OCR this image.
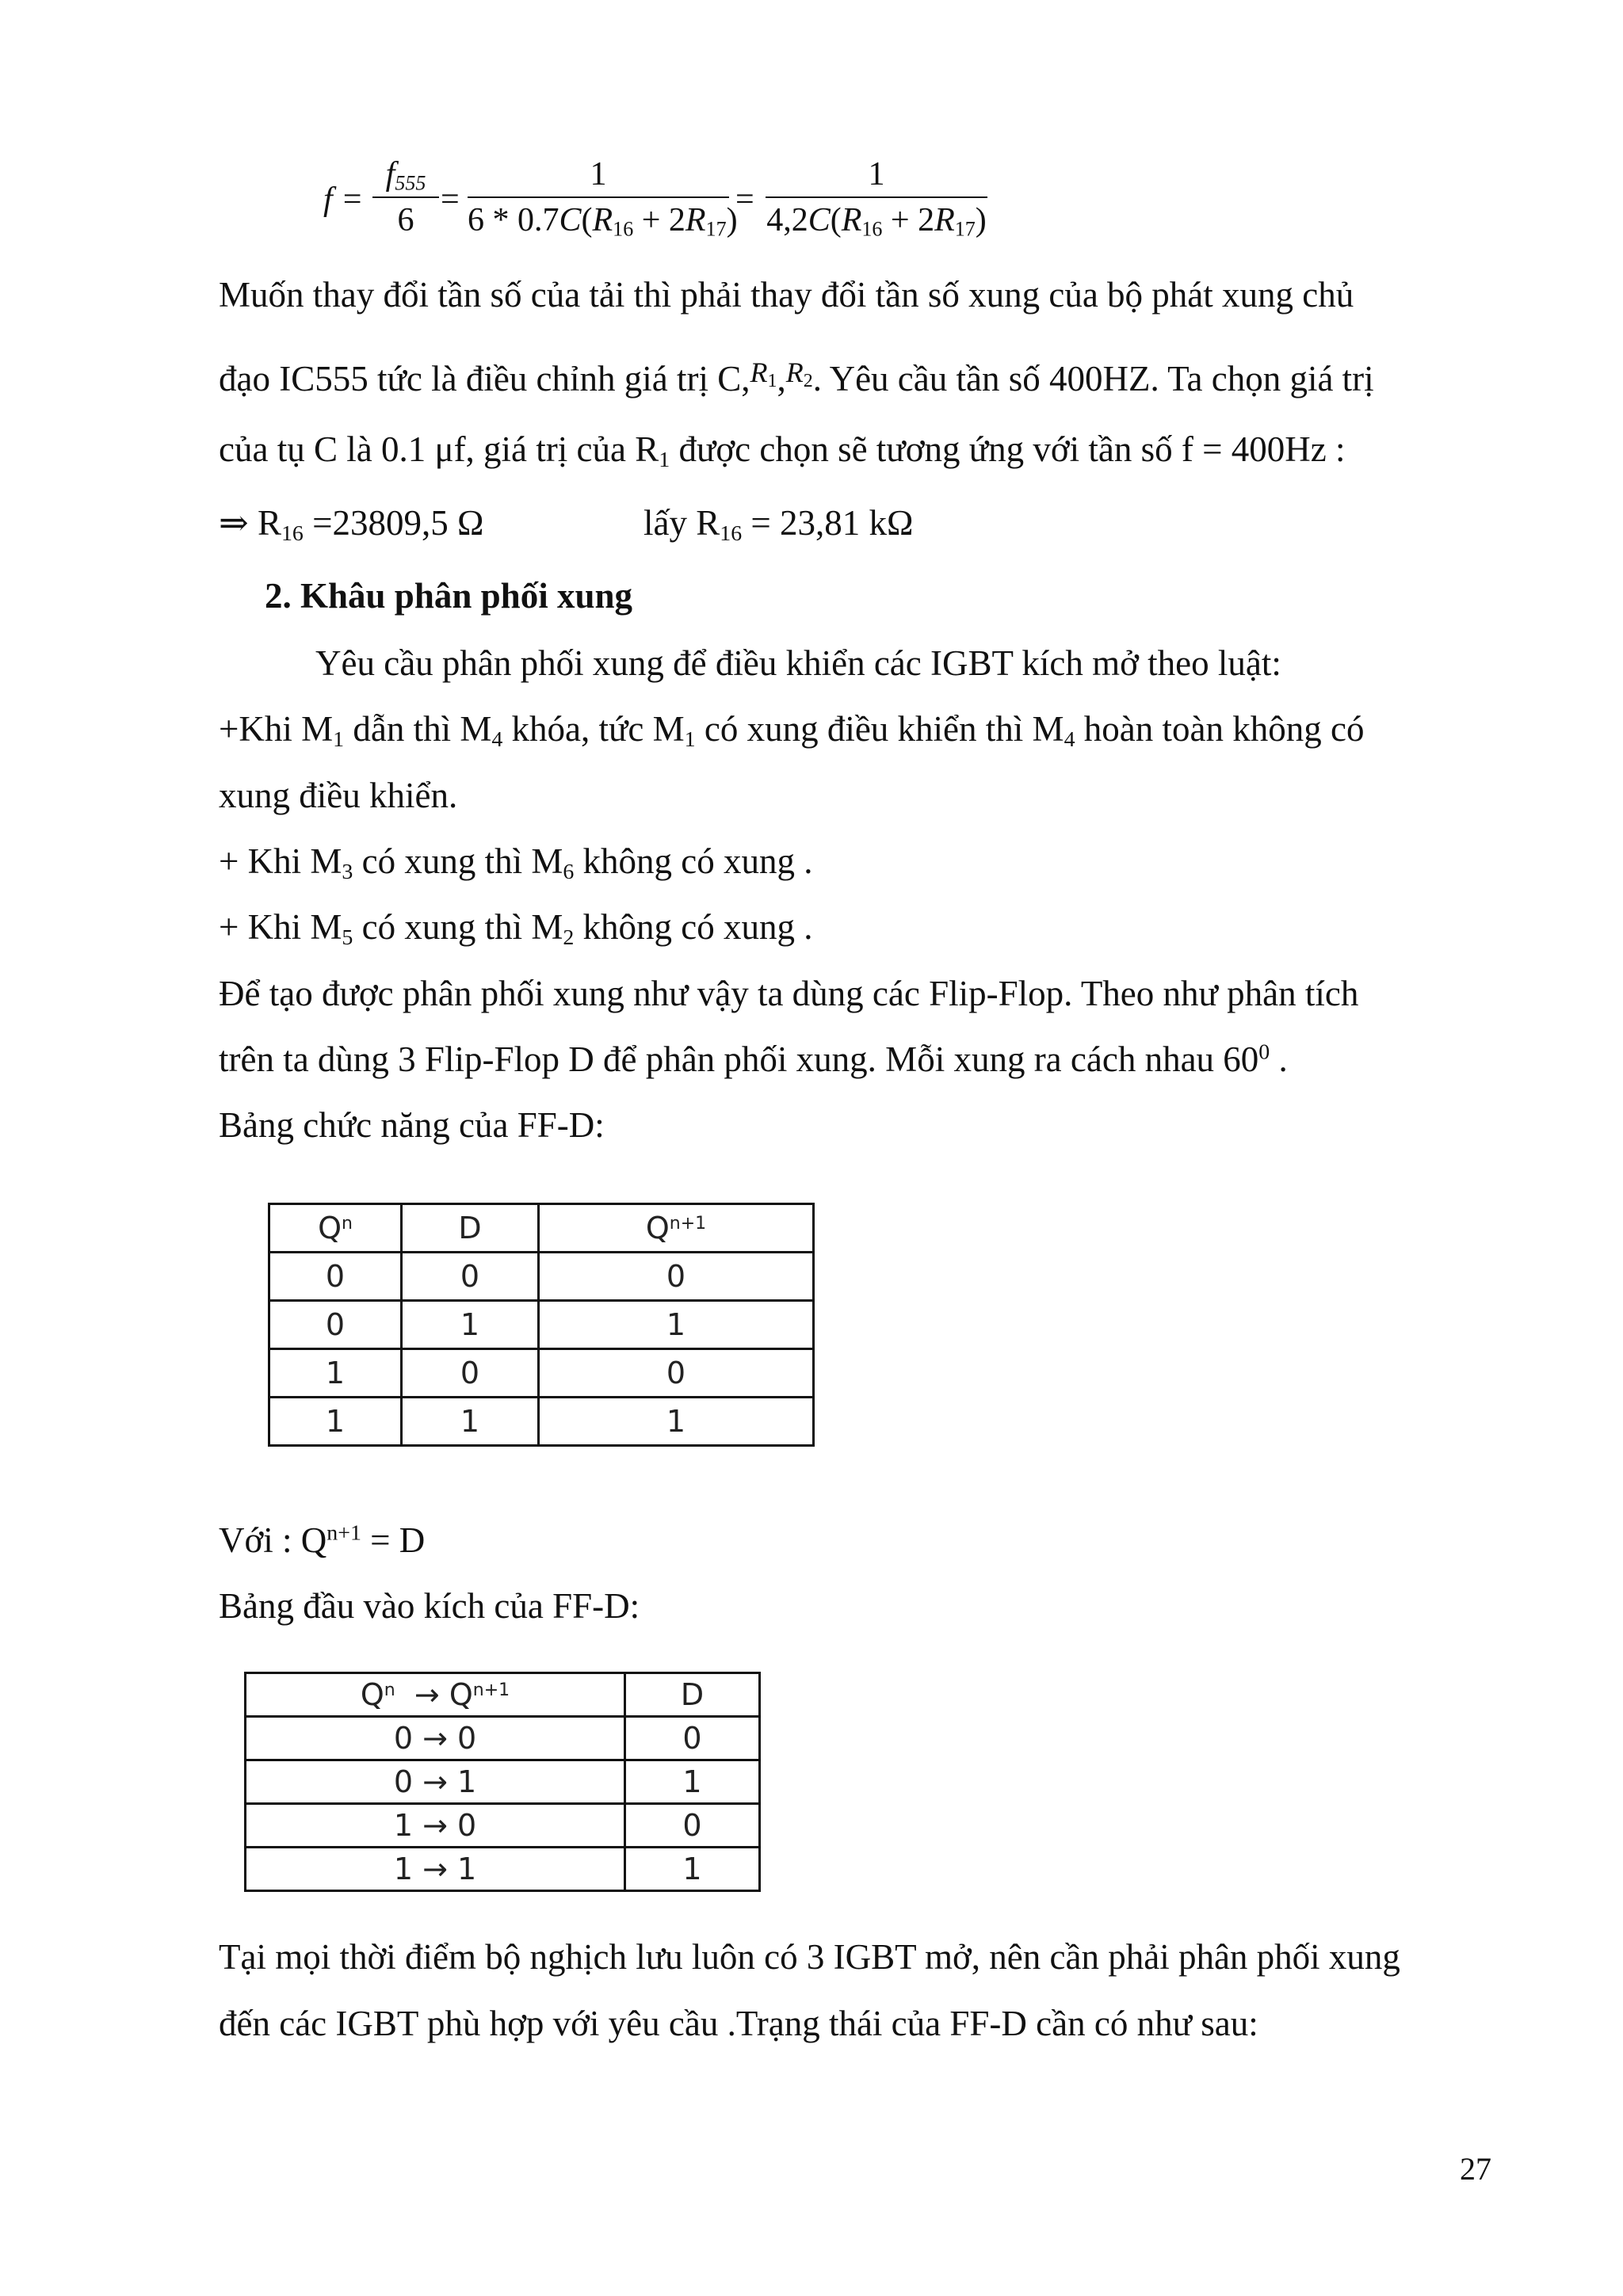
f =
$f_{555}$
6
=
1
$6 * 0.7C(R_{16} + 2R_{17})$
=
1
$4,2C(R_{16} + 2R_{17})$
Muốn thay đổi tần số của tải thì phải thay đổi tần số xung của bộ phát xung chủ
đạo IC555 tức là điều chỉnh giá trị C,$^R$1,$^R$2. Yêu cầu tần số 400HZ. Ta chọn giá trị
của tụ C là 0.1 μf, giá trị của $R_1$ được chọn sẽ tương ứng với tần số f = 400Hz :
⇒ $R_{16} =23809,5$ Ω	lấy $R_{16} = 23,81$ kΩ
2. Khâu phân phối xung
Yêu cầu phân phối xung để điều khiển các IGBT kích mở theo luật:
+Khi $M_1$ dẫn thì $M_4$ khóa, tức $M_1$ có xung điều khiển thì $M_4$ hoàn toàn không có
xung điều khiển.
+ Khi $M_3$ có xung thì $M_6$ không có xung .
+ Khi $M_5$ có xung thì $M_2$ không có xung .
Để tạo được phân phối xung như vậy ta dùng các Flip-Flop. Theo như phân tích
trên ta dùng 3 Flip-Flop D để phân phối xung. Mỗi xung ra cách nhau $60^0$ .
Bảng chức năng của FF-D:
$Q^n$	D	$Q^{n+1}$
0	0	0
0	1	1
1	0	0
1	1	1
Với : $Q^{n+1} = D$
Bảng đầu vào kích của FF-D:
$Q^n \to Q^{n+1}$	D
0 → 0	0
0 → 1	1
1 → 0	0
1 → 1	1
Tại mọi thời điểm bộ nghịch lưu luôn có 3 IGBT mở, nên cần phải phân phối xung
đến các IGBT phù hợp với yêu cầu .Trạng thái của FF-D cần có như sau:
27
